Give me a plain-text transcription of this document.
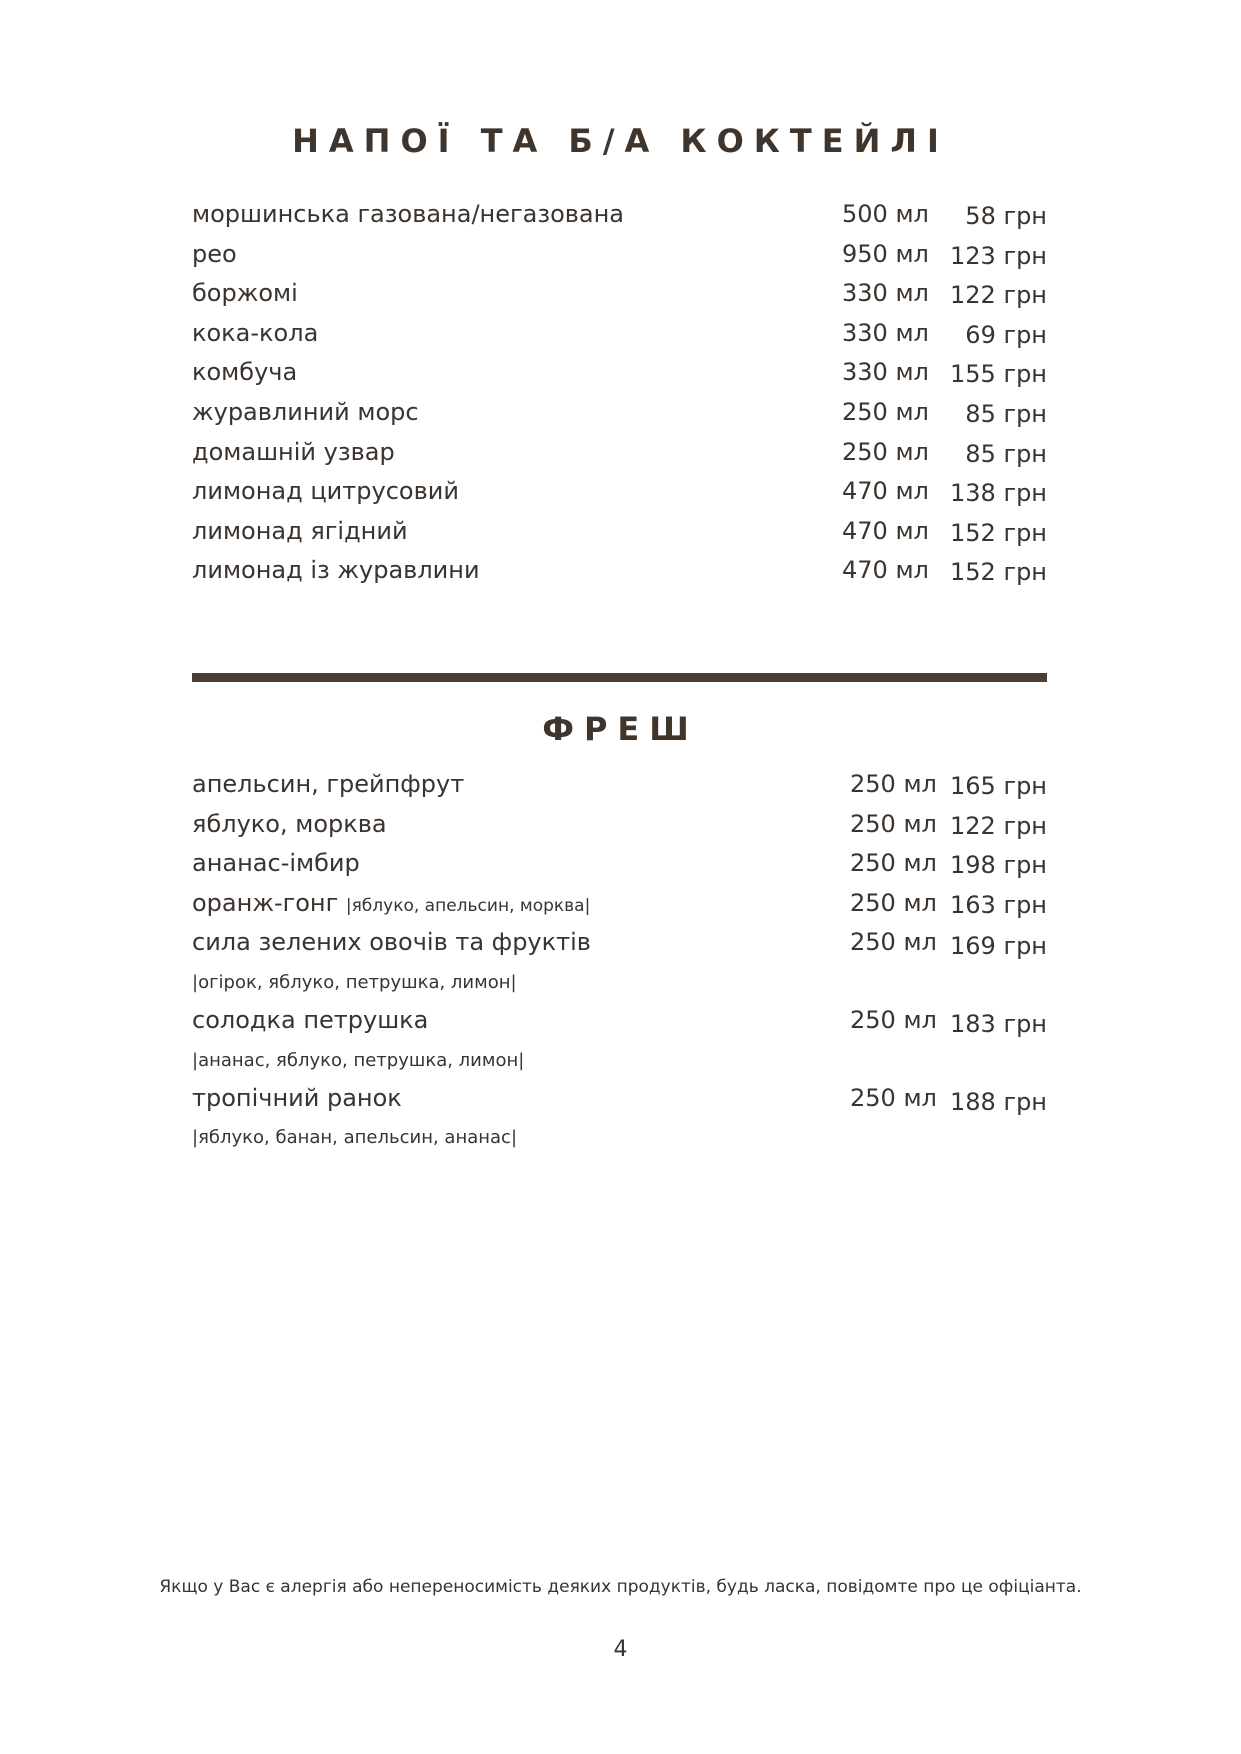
НАПОЇ ТА Б/А КОКТЕЙЛІ
моршинська газована/негазована	500 мл	58 грн
рео	950 мл 123 грн
боржомі	330 мл 122 грн
кока-кола	330 мл	69 грн
комбуча	330 мл 155 грн
журавлиний морс	250 мл	85 грн
домашній узвар	250 мл	85 грн
лимонад цитрусовий	470 мл 138 грн
лимонад ягідний	470 мл 152 грн
лимонад із журавлини	470 мл 152 грн
ФРЕШ
апельсин, грейпфрут	250 мл 165 грн
яблуко, морква	250 мл 122 грн
ананас-імбир	250 мл 198 грн
оранж-гонг |яблуко, апельсин, морква|	250 мл 163 грн
сила зелених овочів та фруктів	250 мл 169 грн
|огірок, яблуко, петрушка, лимон|
солодка петрушка	250 мл 183 грн
|ананас, яблуко, петрушка, лимон|
тропічний ранок	250 мл 188 грн
|яблуко, банан, апельсин, ананас|
Якщо у Вас є алергія або непереносимість деяких продуктів, будь ласка, повідомте про це офіціанта.
4
